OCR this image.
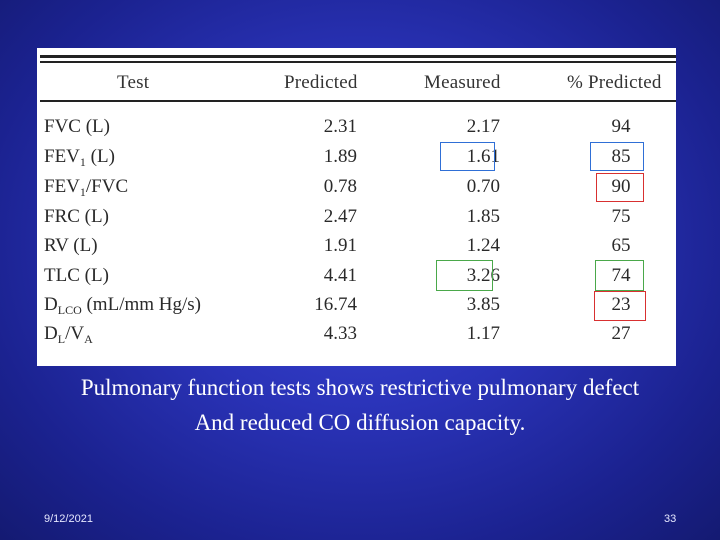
Test	Predicted	Measured	% Predicted
FVC (L)	2.31	2.17	94
$FEV_1$ (L)	1.89	1.61	85
$FEV_1$/FVC	0.78	0.70	90
FRC (L)	2.47	1.85	75
RV (L)	1.91	1.24	65
TLC (L)	4.41	3.26	74
$D_{LCO}$ (mL/mm Hg/s)	16.74	3.85	23
$D_L/V_A$	4.33	1.17	27
Pulmonary function tests shows restrictive pulmonary defect
And reduced CO diffusion capacity.
9/12/2021	33
